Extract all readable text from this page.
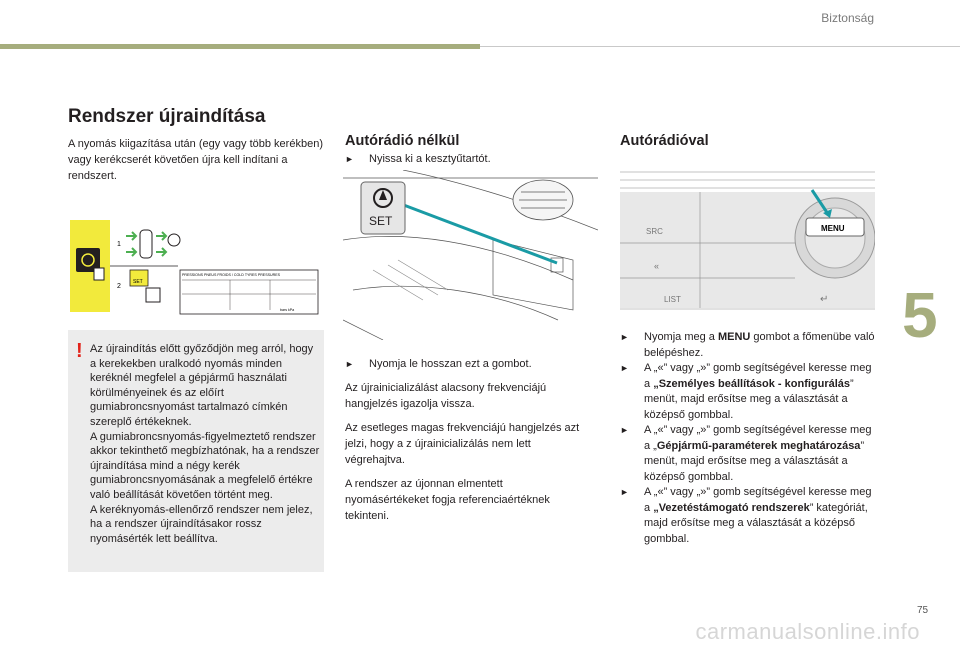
Biztonság
5
Rendszer újraindítása

A nyomás kiigazítása után (egy vagy több kerékben) vagy kerékcserét követően újra kell indítani a rendszert.

1
2
SET
PRESSIONS PNEUS FROIDS / COLD TYRES PRESSURES
bars kPa
! Az újraindítás előtt győződjön meg arról, hogy a kerekekben uralkodó nyomás minden keréknél megfelel a gépjármű használati körülményeinek és az előírt gumiabroncsnyomást tartalmazó címkén szereplő értékeknek.
A gumiabroncsnyomás-figyelmeztető rendszer akkor tekinthető megbízhatónak, ha a rendszer újraindítása mind a négy kerék gumiabroncsnyomásának a megfelelő értékre való beállítását követően történt meg.
A keréknyomás-ellenőrző rendszer nem jelez, ha a rendszer újraindításakor rossz nyomásérték lett beállítva.
Autórádió nélkül
►	Nyissa ki a kesztyűtartót.
SET
►	Nyomja le hosszan ezt a gombot.

Az újrainicializálást alacsony frekvenciájú hangjelzés igazolja vissza.

Az esetleges magas frekvenciájú hangjelzés azt jelzi, hogy a z újrainicializálás nem lett végrehajtva.

A rendszer az újonnan elmentett nyomásértékeket fogja referenciaértéknek tekinteni.

Autórádióval
SRC
«
LIST	↵
MENU
► Nyomja meg a MENU gombot a főmenübe való belépéshez.
► A „«” vagy „»” gomb segítségével keresse meg a „Személyes beállítások - konfigurálás” menüt, majd erősítse meg a választását a középső gombbal.
► A „«” vagy „»” gomb segítségével keresse meg a „Gépjármű-paraméterek meghatározása” menüt, majd erősítse meg a választását a középső gombbal.
► A „«” vagy „»” gomb segítségével keresse meg a „Vezetéstámogató rendszerek” kategóriát, majd erősítse meg a választását a középső gombbal.
75
carmanualsonline.info
